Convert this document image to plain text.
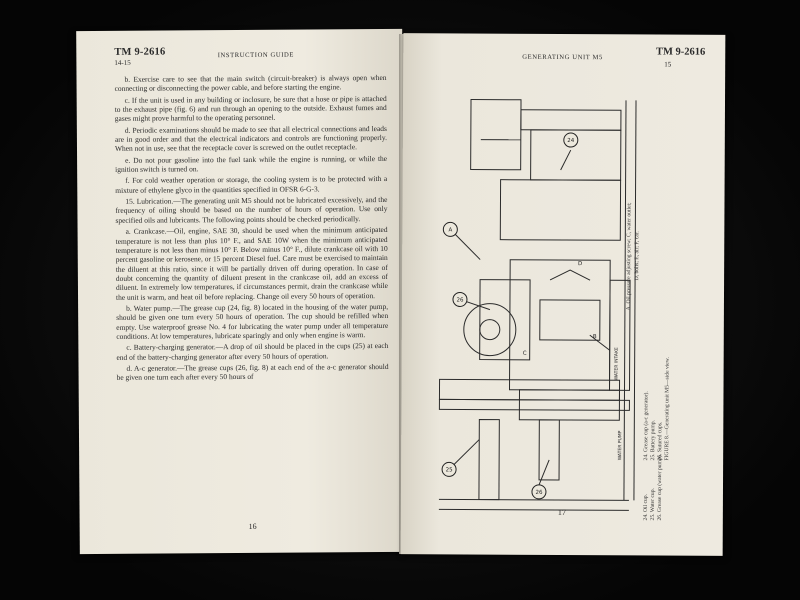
TM 9-2616
14-15
INSTRUCTION GUIDE

b. Exercise care to see that the main switch (circuit-breaker) is always open when connecting or disconnecting the power cable, and before starting the engine.

c. If the unit is used in any building or inclosure, be sure that a hose or pipe is attached to the exhaust pipe (fig. 6) and run through an opening to the outside. Exhaust fumes and gases might prove harmful to the operating personnel.

d. Periodic examinations should be made to see that all electrical connections and leads are in good order and that the electrical indicators and controls are functioning properly. When not in use, see that the receptacle cover is screwed on the outlet receptacle.

e. Do not pour gasoline into the fuel tank while the engine is running, or while the ignition switch is turned on.

f. For cold weather operation or storage, the cooling system is to be protected with a mixture of ethylene glyco in the quantities specified in OFSR 6-G-3.

15. Lubrication.—The generating unit M5 should not be lubricated excessively, and the frequency of oiling should be based on the number of hours of operation. Use only specified oils and lubricants. The following points should be checked periodically.

a. Crankcase.—Oil, engine, SAE 30, should be used when the minimum anticipated temperature is not less than plus 10° F., and SAE 10W when the minimum anticipated temperature is not less than minus 10° F. Below minus 10° F., dilute crankcase oil with 10 percent gasoline or kerosene, or 15 percent Diesel fuel. Care must be exercised to maintain the diluent at this ratio, since it will be partially driven off during operation. In case of doubt concerning the quantity of diluent present in the crankcase oil, add an excess of diluent. In extremely low temperatures, if circumstances permit, drain the crankcase while the unit is warm, and heat oil before replacing. Change oil every 50 hours of operation.

b. Water pump.—The grease cup (24, fig. 8) located in the housing of the water pump, should be given one turn every 50 hours of operation. The cup should be refilled when empty. Use waterproof grease No. 4 for lubricating the water pump under all temperature conditions. At low temperatures, lubricate sparingly and only when engine is warm.

c. Battery-charging generator.—A drop of oil should be placed in the cups (25) at each end of the battery-charging generator after every 50 hours of operation.

d. A-c generator.—The grease cups (26, fig. 8) at each end of the a-c generator should be given one turn each after every 50 hours of

16
GENERATING UNIT M5	TM 9-2616
15
A
24
25
26
26
B
C
D
WATER INTAKE
WATER PUMP
A. Oil pressure adjusting screw; C, water outlet; D, bolts; E, air; F, car.
24. Grease cup (a-c generator). 25. Battery pump. 26. Sutured cups. FIGURE 8.—Generating unit M5—side view.
24. Oil cup. 25. Water cup. 26. Grease cup (water pump).
17
